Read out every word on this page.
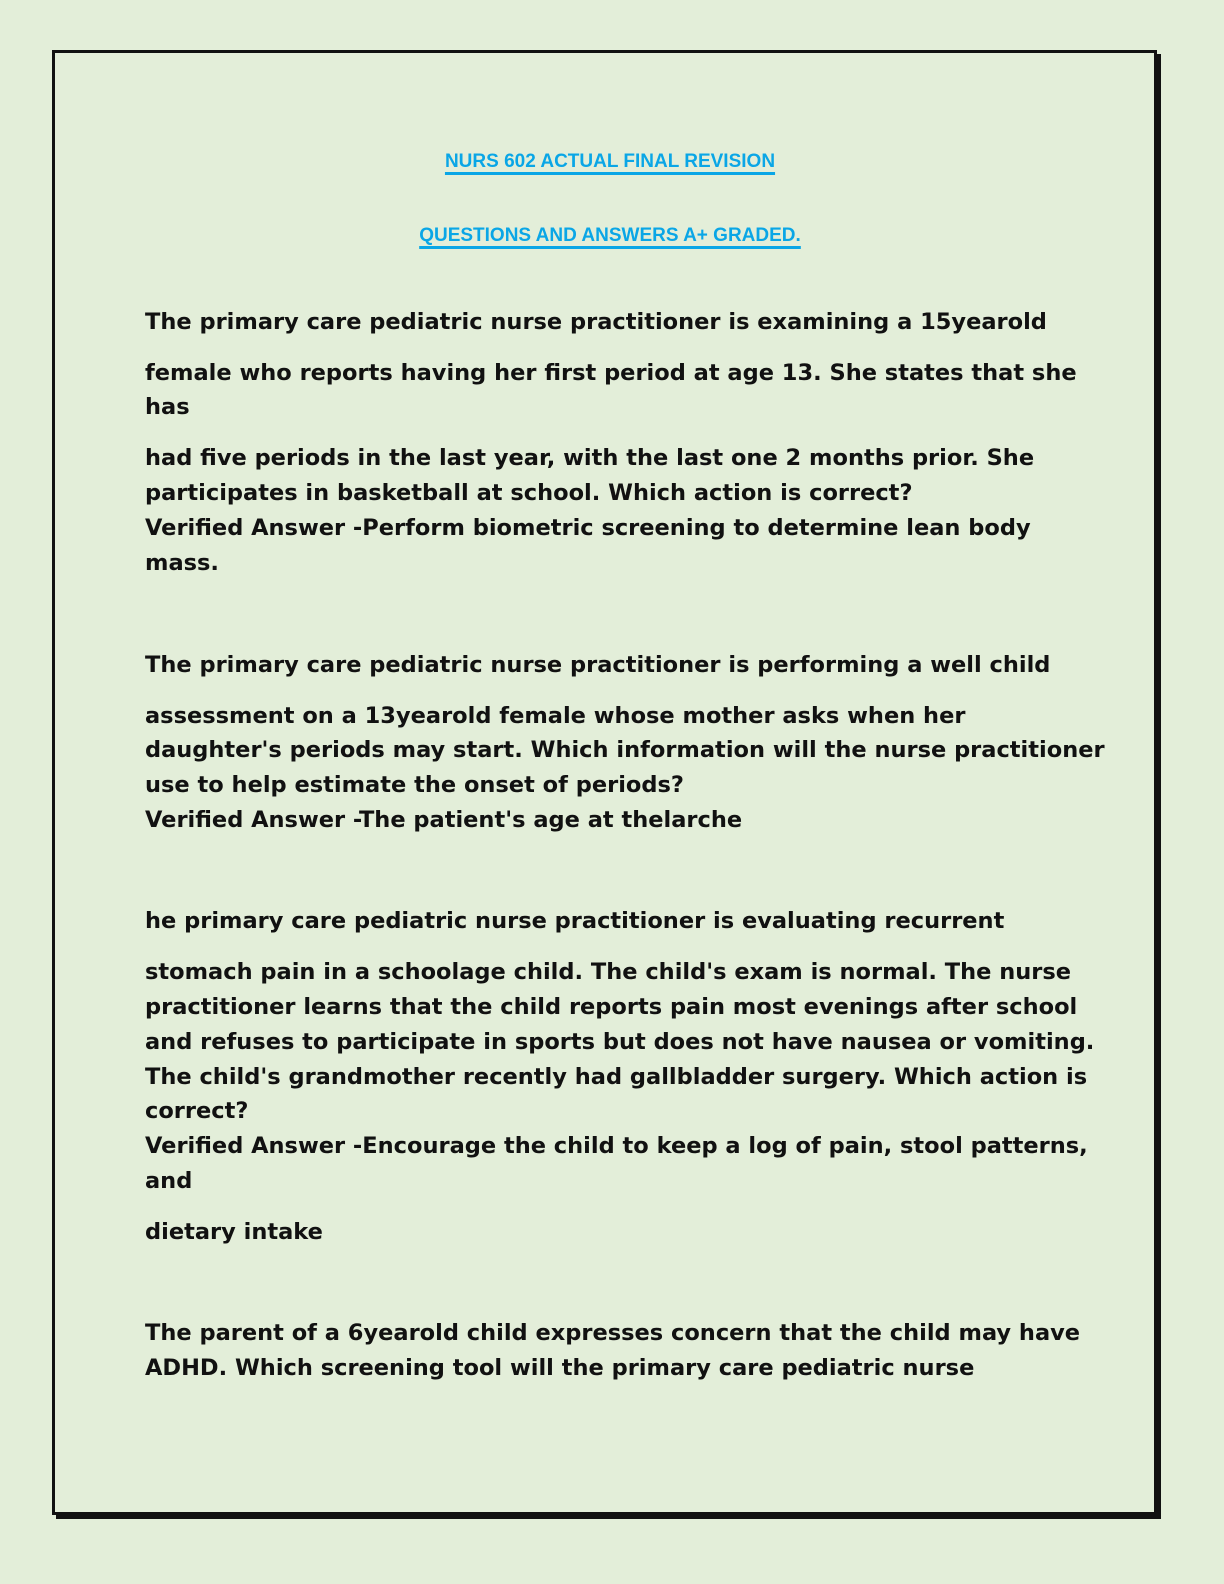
NURS 602 ACTUAL FINAL REVISION
QUESTIONS AND ANSWERS A+ GRADED.

The primary care pediatric nurse practitioner is examining a 15yearold

female who reports having her first period at age 13. She states that she

has

had five periods in the last year, with the last one 2 months prior. She

participates in basketball at school. Which action is correct?

Verified Answer -Perform biometric screening to determine lean body

mass.

The primary care pediatric nurse practitioner is performing a well child

assessment on a 13yearold female whose mother asks when her

daughter's periods may start. Which information will the nurse practitioner

use to help estimate the onset of periods?

Verified Answer -The patient's age at thelarche

he primary care pediatric nurse practitioner is evaluating recurrent

stomach pain in a schoolage child. The child's exam is normal. The nurse

practitioner learns that the child reports pain most evenings after school

and refuses to participate in sports but does not have nausea or vomiting.

The child's grandmother recently had gallbladder surgery. Which action is

correct?

Verified Answer -Encourage the child to keep a log of pain, stool patterns,

and

dietary intake

The parent of a 6yearold child expresses concern that the child may have

ADHD. Which screening tool will the primary care pediatric nurse
